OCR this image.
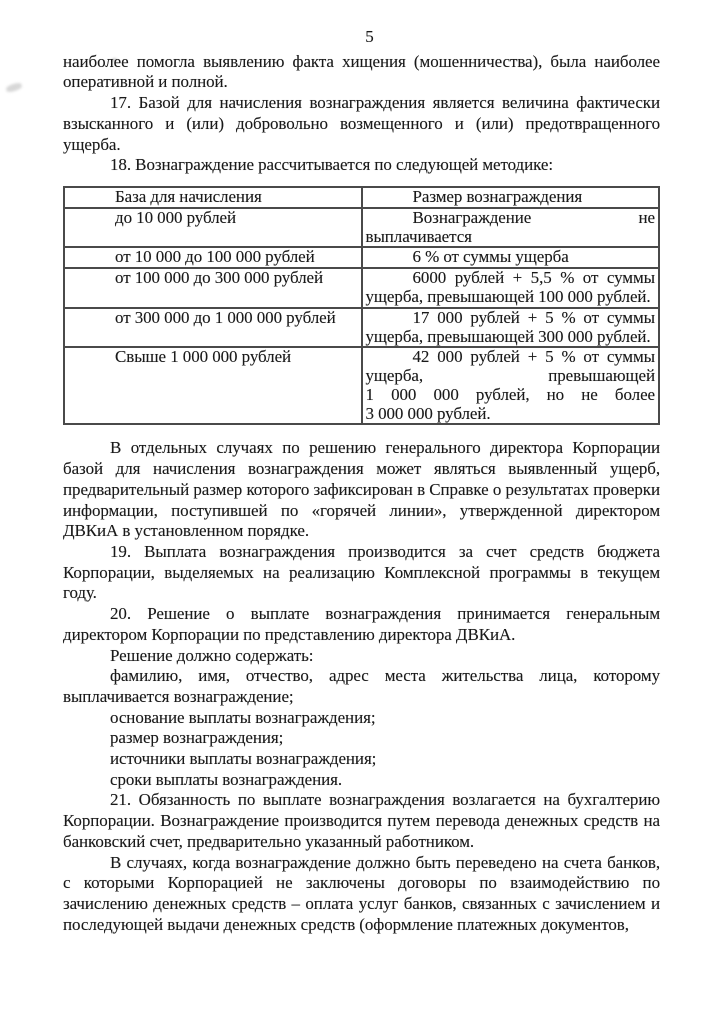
5

наиболее помогла выявлению факта хищения (мошенничества), была наиболее оперативной и полной.

17. Базой для начисления вознаграждения является величина фактически взысканного и (или) добровольно возмещенного и (или) предотвращенного ущерба.

18. Вознаграждение рассчитывается по следующей методике:

База для начисления	Размер вознаграждения
до 10 000 рублей	Вознаграждение не выплачивается
от 10 000 до 100 000 рублей	6 % от суммы ущерба
от 100 000 до 300 000 рублей	6000 рублей + 5,5 % от суммы ущерба, превышающей 100 000 рублей.
от 300 000 до 1 000 000 рублей	17 000 рублей + 5 % от суммы ущерба, превышающей 300 000 рублей.
Свыше 1 000 000 рублей	42 000 рублей + 5 % от суммы ущерба, превышающей 1 000 000 рублей, но не более 3 000 000 рублей.

В отдельных случаях по решению генерального директора Корпорации базой для начисления вознаграждения может являться выявленный ущерб, предварительный размер которого зафиксирован в Справке о результатах проверки информации, поступившей по «горячей линии», утвержденной директором ДВКиА в установленном порядке.

19. Выплата вознаграждения производится за счет средств бюджета Корпорации, выделяемых на реализацию Комплексной программы в текущем году.

20. Решение о выплате вознаграждения принимается генеральным директором Корпорации по представлению директора ДВКиА.

Решение должно содержать:

фамилию, имя, отчество, адрес места жительства лица, которому выплачивается вознаграждение;

основание выплаты вознаграждения;

размер вознаграждения;

источники выплаты вознаграждения;

сроки выплаты вознаграждения.

21. Обязанность по выплате вознаграждения возлагается на бухгалтерию Корпорации. Вознаграждение производится путем перевода денежных средств на банковский счет, предварительно указанный работником.

В случаях, когда вознаграждение должно быть переведено на счета банков, с которыми Корпорацией не заключены договоры по взаимодействию по зачислению денежных средств – оплата услуг банков, связанных с зачислением и последующей выдачи денежных средств (оформление платежных документов,
